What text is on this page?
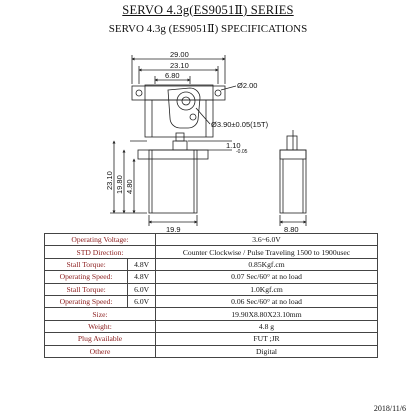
SERVO 4.3g(ES9051Ⅱ) SERIES
SERVO 4.3g (ES9051Ⅱ) SPECIFICATIONS
29.00
23.10
6.80
Ø2.00
Ø3.90±0.05(15T)
1.10
-0.05
23.10 19.80 4.80
19.9	8.80
Operating Voltage:		3.6~6.0V
STD Direction:		Counter Clockwise / Pulse Traveling 1500 to 1900usec
Stall Torque:	4.8V	0.85Kgf.cm
Operating Speed:	4.8V	0.07 Sec/60° at no load
Stall Torque:	6.0V	1.0Kgf.cm
Operating Speed:	6.0V	0.06 Sec/60° at no load
Size:		19.90X8.80X23.10mm
Weight:		4.8 g
Plug Available		FUT ;JR
Othere		Digital
2018/11/6
